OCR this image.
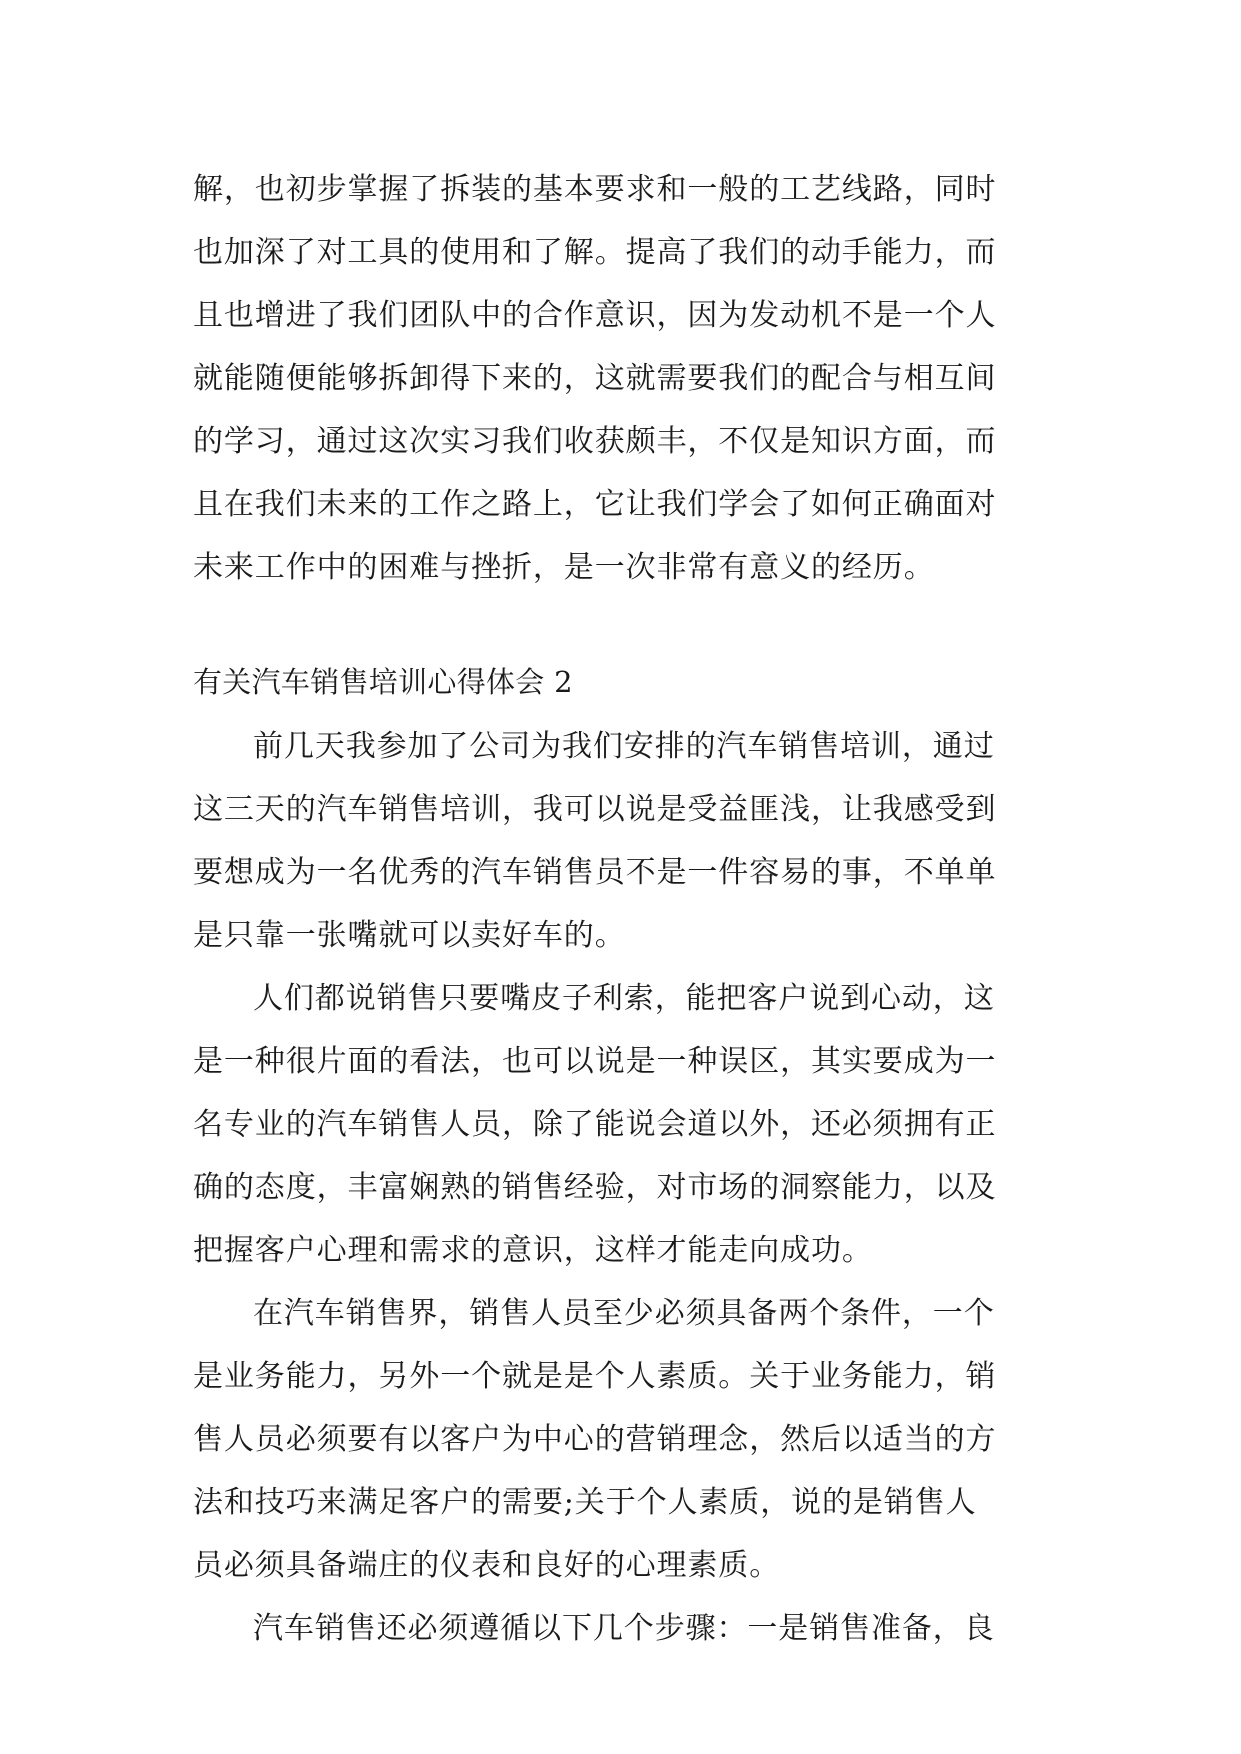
解，也初步掌握了拆装的基本要求和一般的工艺线路，同时
也加深了对工具的使用和了解。提高了我们的动手能力，而
且也增进了我们团队中的合作意识，因为发动机不是一个人
就能随便能够拆卸得下来的，这就需要我们的配合与相互间
的学习，通过这次实习我们收获颇丰，不仅是知识方面，而
且在我们未来的工作之路上，它让我们学会了如何正确面对
未来工作中的困难与挫折，是一次非常有意义的经历。
有关汽车销售培训心得体会 2
前几天我参加了公司为我们安排的汽车销售培训，通过
这三天的汽车销售培训，我可以说是受益匪浅，让我感受到
要想成为一名优秀的汽车销售员不是一件容易的事，不单单
是只靠一张嘴就可以卖好车的。
人们都说销售只要嘴皮子利索，能把客户说到心动，这
是一种很片面的看法，也可以说是一种误区，其实要成为一
名专业的汽车销售人员，除了能说会道以外，还必须拥有正
确的态度，丰富娴熟的销售经验，对市场的洞察能力，以及
把握客户心理和需求的意识，这样才能走向成功。
在汽车销售界，销售人员至少必须具备两个条件，一个
是业务能力，另外一个就是是个人素质。关于业务能力，销
售人员必须要有以客户为中心的营销理念，然后以适当的方
法和技巧来满足客户的需要;关于个人素质，说的是销售人
员必须具备端庄的仪表和良好的心理素质。
汽车销售还必须遵循以下几个步骤：一是销售准备，良
